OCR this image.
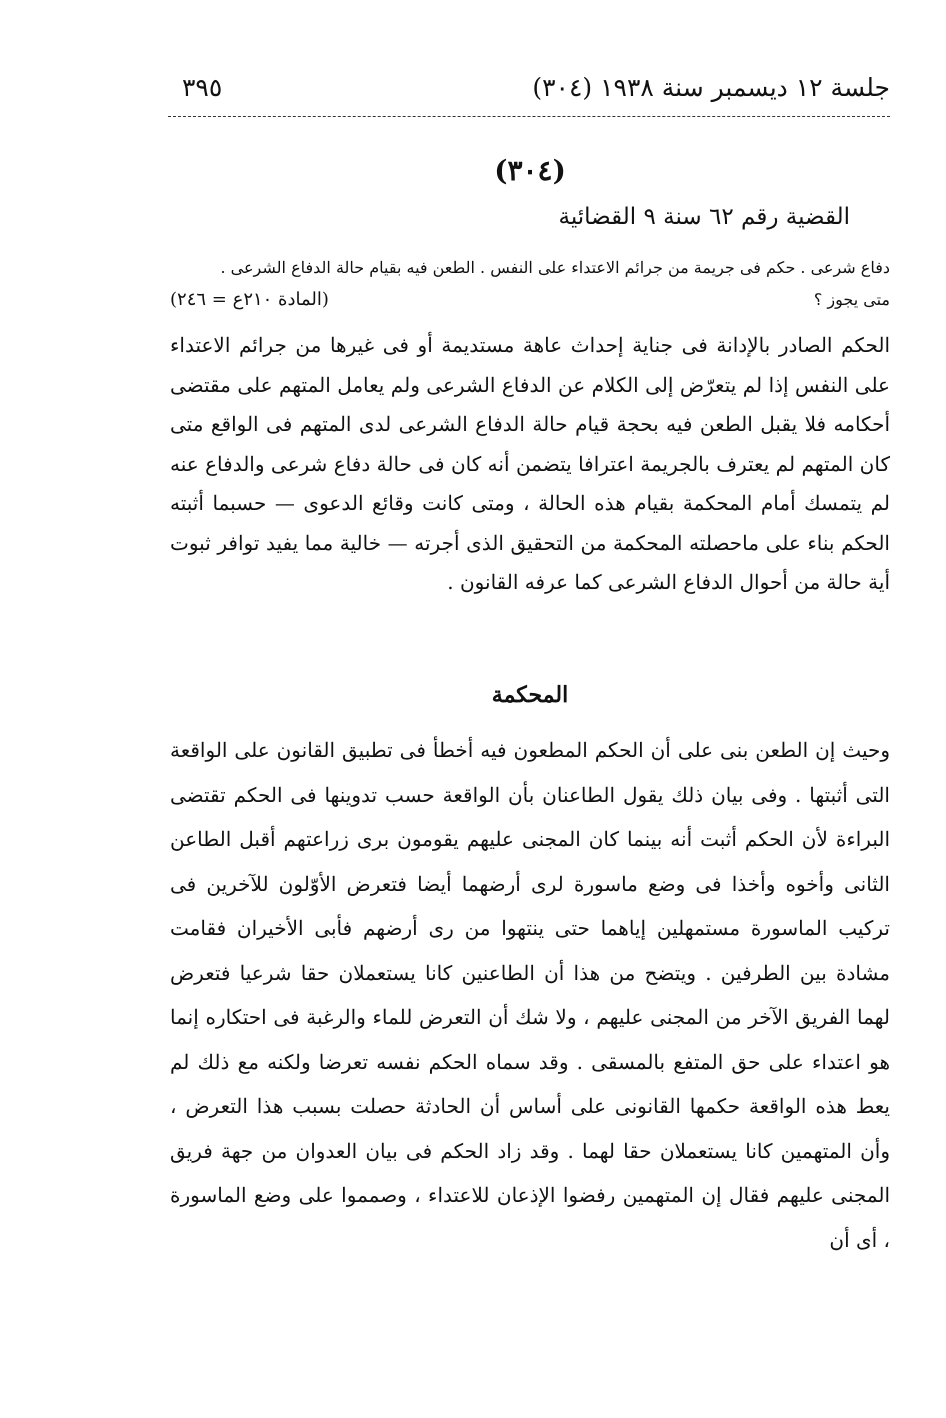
جلسة ١٢ ديسمبر سنة ١٩٣٨ (٣٠٤)
٣٩٥
(٣٠٤)
القضية رقم ٦٢ سنة ٩ القضائية

دفاع شرعى . حكم فى جريمة من جرائم الاعتداء على النفس . الطعن فيه بقيام حالة الدفاع الشرعى .

متى يجوز ؟
(المادة ٢١٠ع = ٢٤٦)

الحكم الصادر بالإدانة فى جناية إحداث عاهة مستديمة أو فى غيرها من جرائم الاعتداء على النفس إذا لم يتعرّض إلى الكلام عن الدفاع الشرعى ولم يعامل المتهم على مقتضى أحكامه فلا يقبل الطعن فيه بحجة قيام حالة الدفاع الشرعى لدى المتهم فى الواقع متى كان المتهم لم يعترف بالجريمة اعترافا يتضمن أنه كان فى حالة دفاع شرعى والدفاع عنه لم يتمسك أمام المحكمة بقيام هذه الحالة ، ومتى كانت وقائع الدعوى — حسبما أثبته الحكم بناء على ماحصلته المحكمة من التحقيق الذى أجرته — خالية مما يفيد توافر ثبوت أية حالة من أحوال الدفاع الشرعى كما عرفه القانون .

المحكمة

وحيث إن الطعن بنى على أن الحكم المطعون فيه أخطأ فى تطبيق القانون على الواقعة التى أثبتها . وفى بيان ذلك يقول الطاعنان بأن الواقعة حسب تدوينها فى الحكم تقتضى البراءة لأن الحكم أثبت أنه بينما كان المجنى عليهم يقومون برى زراعتهم أقبل الطاعن الثانى وأخوه وأخذا فى وضع ماسورة لرى أرضهما أيضا فتعرض الأوّلون للآخرين فى تركيب الماسورة مستمهلين إياهما حتى ينتهوا من رى أرضهم فأبى الأخيران فقامت مشادة بين الطرفين . ويتضح من هذا أن الطاعنين كانا يستعملان حقا شرعيا فتعرض لهما الفريق الآخر من المجنى عليهم ، ولا شك أن التعرض للماء والرغبة فى احتكاره إنما هو اعتداء على حق المتفع بالمسقى . وقد سماه الحكم نفسه تعرضا ولكنه مع ذلك لم يعط هذه الواقعة حكمها القانونى على أساس أن الحادثة حصلت بسبب هذا التعرض ، وأن المتهمين كانا يستعملان حقا لهما . وقد زاد الحكم فى بيان العدوان من جهة فريق المجنى عليهم فقال إن المتهمين رفضوا الإذعان للاعتداء ، وصمموا على وضع الماسورة ، أى أن
